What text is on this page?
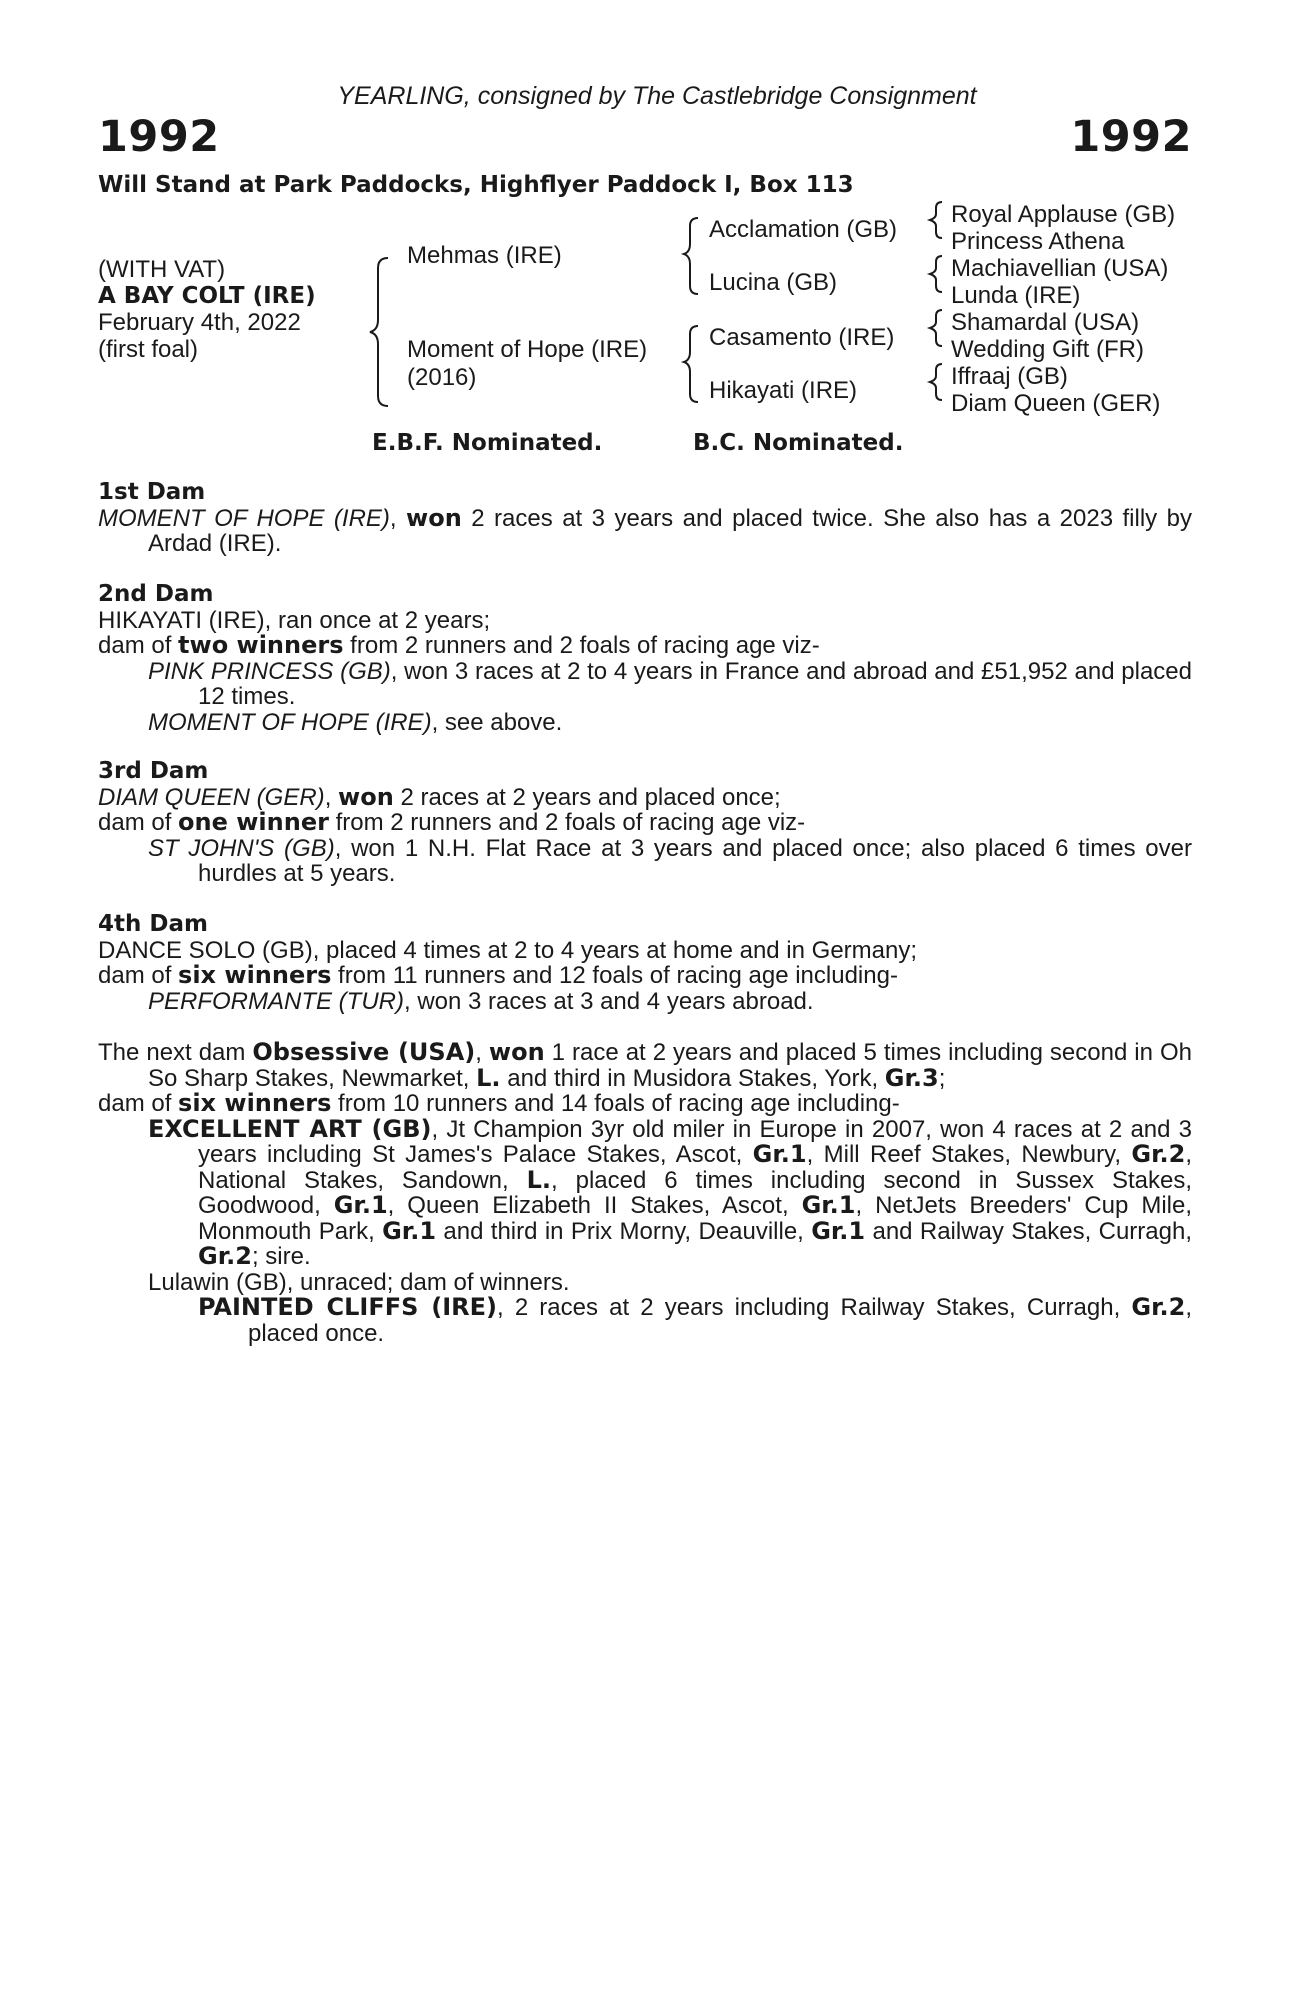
YEARLING, consigned by The Castlebridge Consignment
1992	1992
Will Stand at Park Paddocks, Highflyer Paddock I, Box 113
(WITH VAT)
A BAY COLT (IRE)
February 4th, 2022
(first foal)
Mehmas (IRE)
Moment of Hope (IRE)
(2016)
Acclamation (GB)
Lucina (GB)
Casamento (IRE)
Hikayati (IRE)
Royal Applause (GB)
Princess Athena
Machiavellian (USA)
Lunda (IRE)
Shamardal (USA)
Wedding Gift (FR)
Iffraaj (GB)
Diam Queen (GER)
E.B.F. Nominated.	B.C. Nominated.

1st Dam

MOMENT OF HOPE (IRE), won 2 races at 3 years and placed twice. She also has a 2023 filly by Ardad (IRE).

2nd Dam

HIKAYATI (IRE), ran once at 2 years;

dam of two winners from 2 runners and 2 foals of racing age viz-

PINK PRINCESS (GB), won 3 races at 2 to 4 years in France and abroad and £51,952 and placed 12 times.

MOMENT OF HOPE (IRE), see above.

3rd Dam

DIAM QUEEN (GER), won 2 races at 2 years and placed once;

dam of one winner from 2 runners and 2 foals of racing age viz-

ST JOHN'S (GB), won 1 N.H. Flat Race at 3 years and placed once; also placed 6 times over hurdles at 5 years.

4th Dam

DANCE SOLO (GB), placed 4 times at 2 to 4 years at home and in Germany;

dam of six winners from 11 runners and 12 foals of racing age including-

PERFORMANTE (TUR), won 3 races at 3 and 4 years abroad.

The next dam Obsessive (USA), won 1 race at 2 years and placed 5 times including second in Oh So Sharp Stakes, Newmarket, L. and third in Musidora Stakes, York, Gr.3;

dam of six winners from 10 runners and 14 foals of racing age including-

EXCELLENT ART (GB), Jt Champion 3yr old miler in Europe in 2007, won 4 races at 2 and 3 years including St James's Palace Stakes, Ascot, Gr.1, Mill Reef Stakes, Newbury, Gr.2, National Stakes, Sandown, L., placed 6 times including second in Sussex Stakes, Goodwood, Gr.1, Queen Elizabeth II Stakes, Ascot, Gr.1, NetJets Breeders' Cup Mile, Monmouth Park, Gr.1 and third in Prix Morny, Deauville, Gr.1 and Railway Stakes, Curragh, Gr.2; sire.

Lulawin (GB), unraced; dam of winners.

PAINTED CLIFFS (IRE), 2 races at 2 years including Railway Stakes, Curragh, Gr.2, placed once.
